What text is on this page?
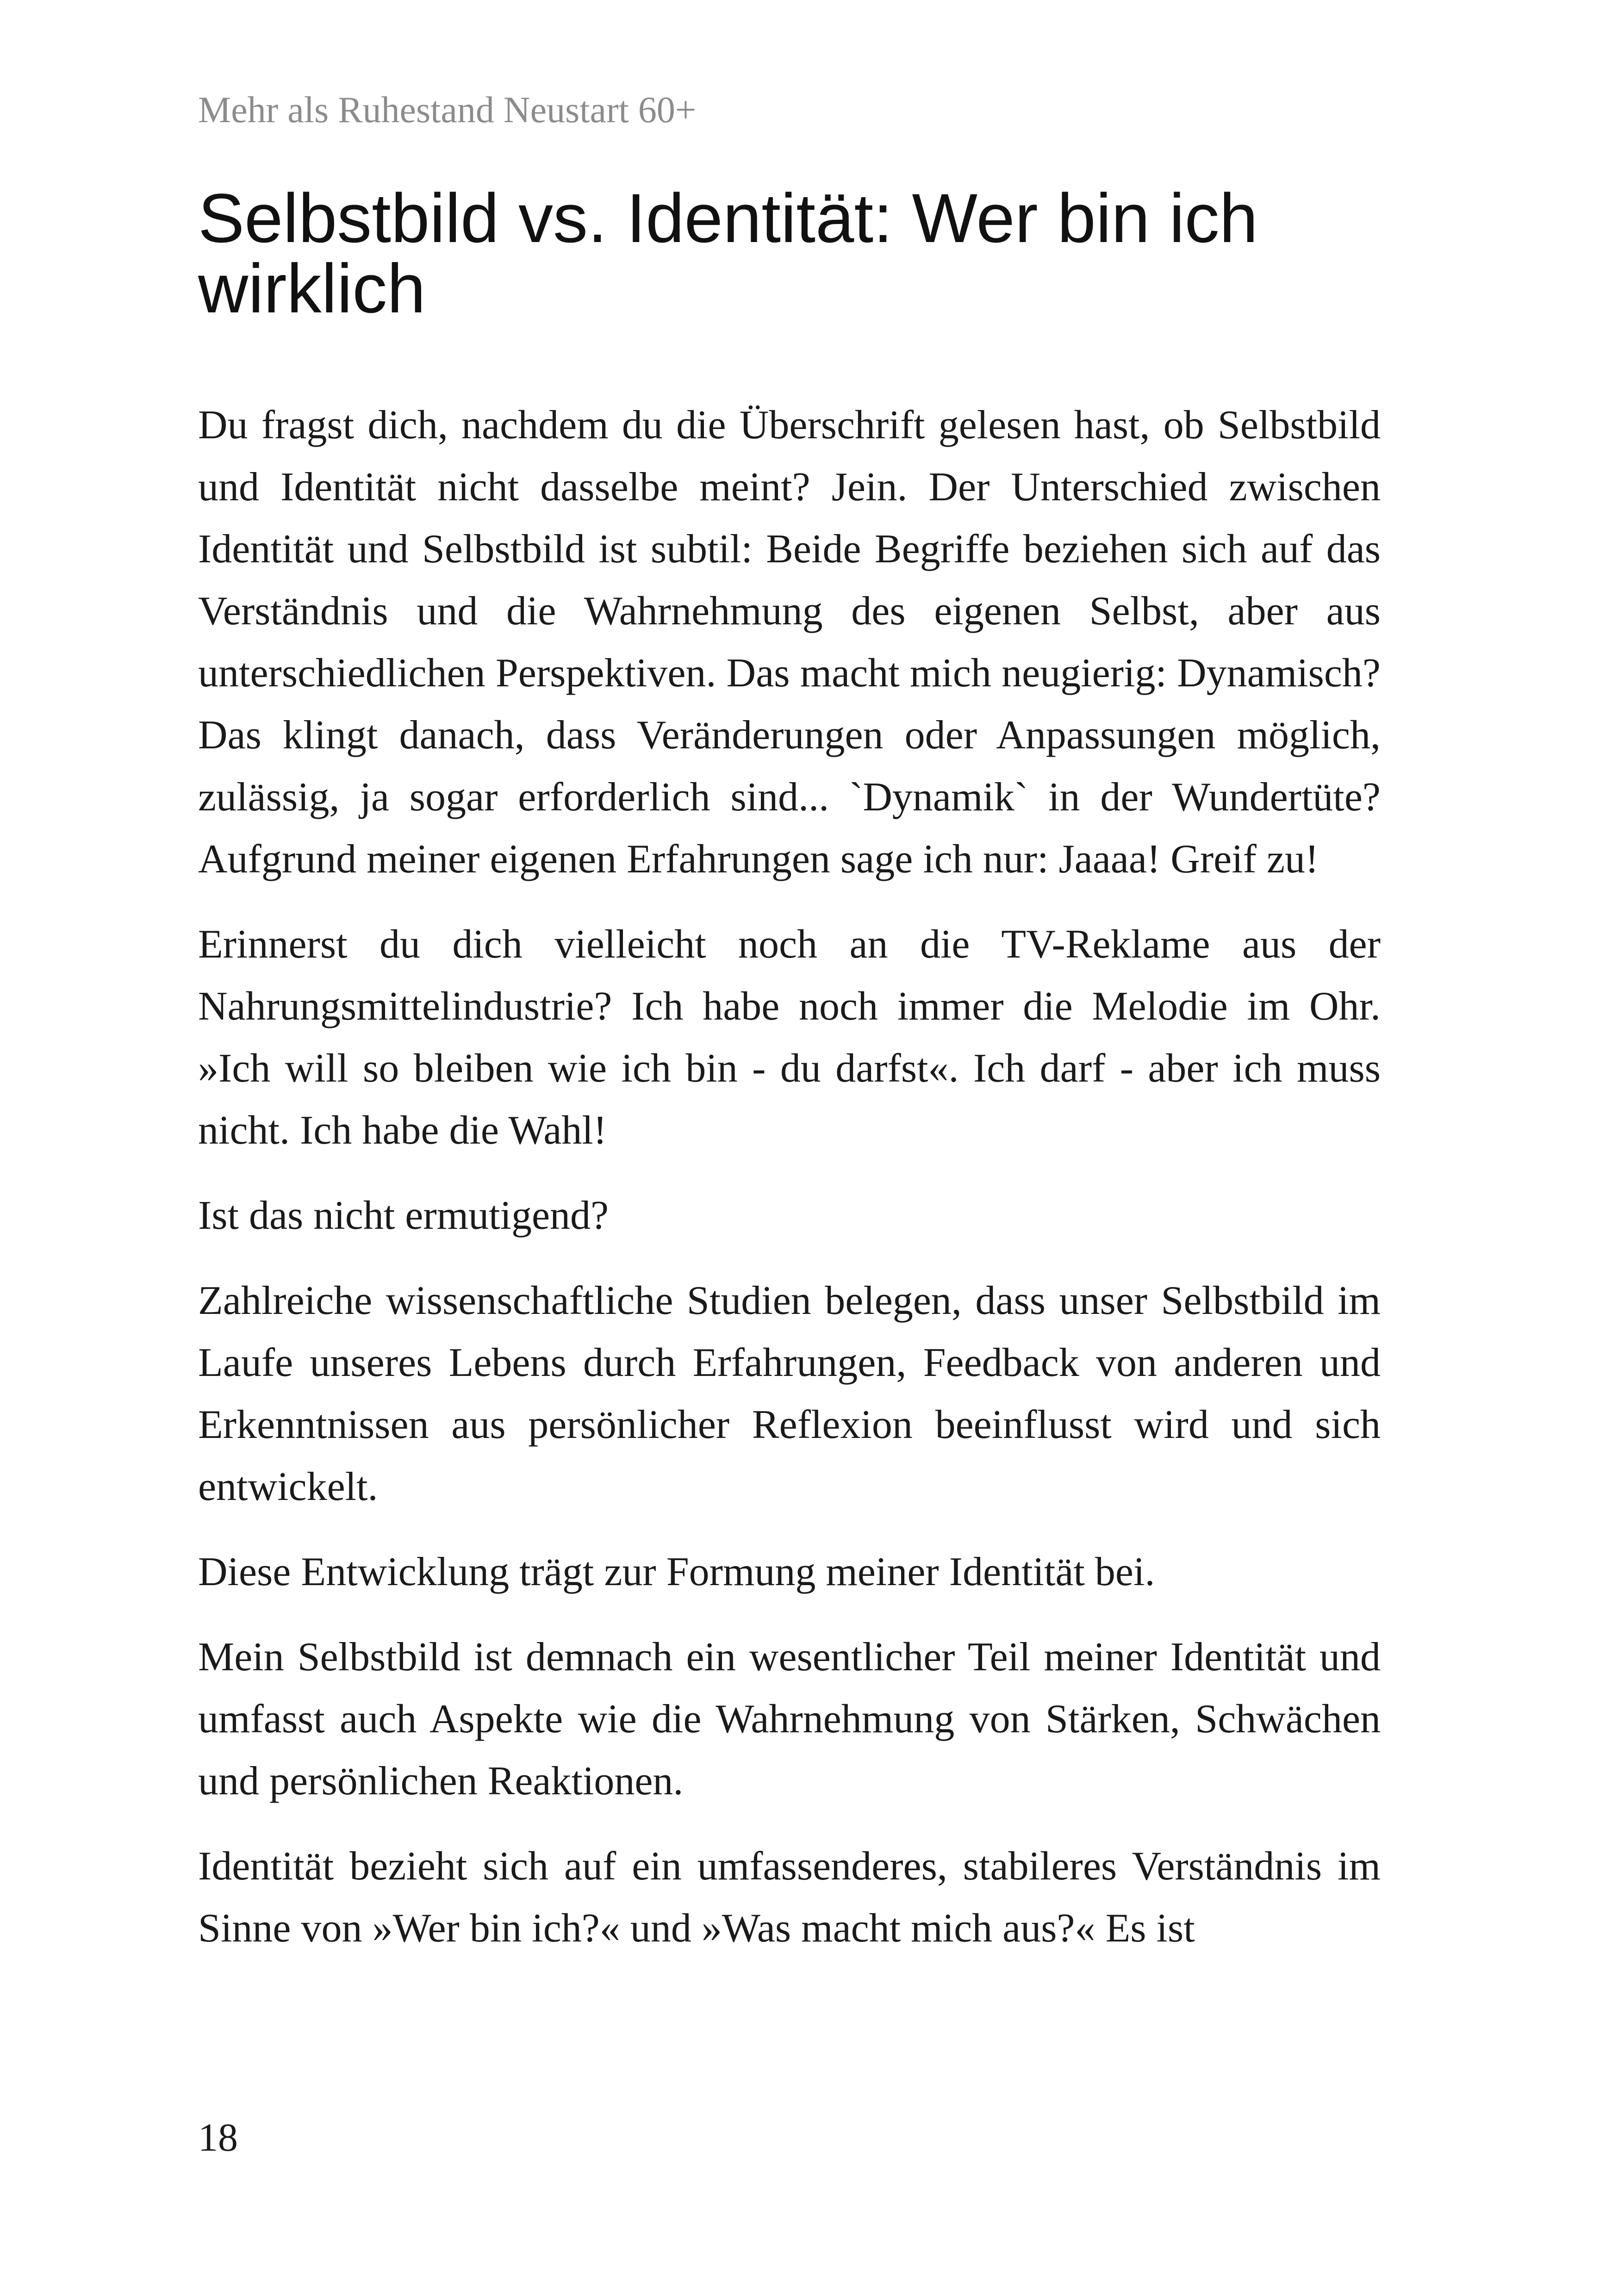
Mehr als Ruhestand Neustart 60+
Selbstbild vs. Identität: Wer bin ich wirklich

Du fragst dich, nachdem du die Überschrift gelesen hast, ob Selbstbild und Identität nicht dasselbe meint? Jein. Der Unterschied zwischen Identität und Selbstbild ist subtil: Beide Begriffe beziehen sich auf das Verständnis und die Wahrnehmung des eigenen Selbst, aber aus unterschiedlichen Perspektiven. Das macht mich neugierig: Dynamisch? Das klingt danach, dass Veränderungen oder Anpassungen möglich, zulässig, ja sogar erforderlich sind... `Dynamik` in der Wundertüte? Aufgrund meiner eigenen Erfahrungen sage ich nur: Jaaaa! Greif zu!

Erinnerst du dich vielleicht noch an die TV-Reklame aus der Nahrungsmittelindustrie? Ich habe noch immer die Melodie im Ohr. »Ich will so bleiben wie ich bin - du darfst«. Ich darf - aber ich muss nicht. Ich habe die Wahl!

Ist das nicht ermutigend?

Zahlreiche wissenschaftliche Studien belegen, dass unser Selbstbild im Laufe unseres Lebens durch Erfahrungen, Feedback von anderen und Erkenntnissen aus persönlicher Reflexion beeinflusst wird und sich entwickelt.

Diese Entwicklung trägt zur Formung meiner Identität bei.

Mein Selbstbild ist demnach ein wesentlicher Teil meiner Identität und umfasst auch Aspekte wie die Wahrnehmung von Stärken, Schwächen und persönlichen Reaktionen.

Identität bezieht sich auf ein umfassenderes, stabileres Verständnis im Sinne von »Wer bin ich?« und »Was macht mich aus?« Es ist

18
